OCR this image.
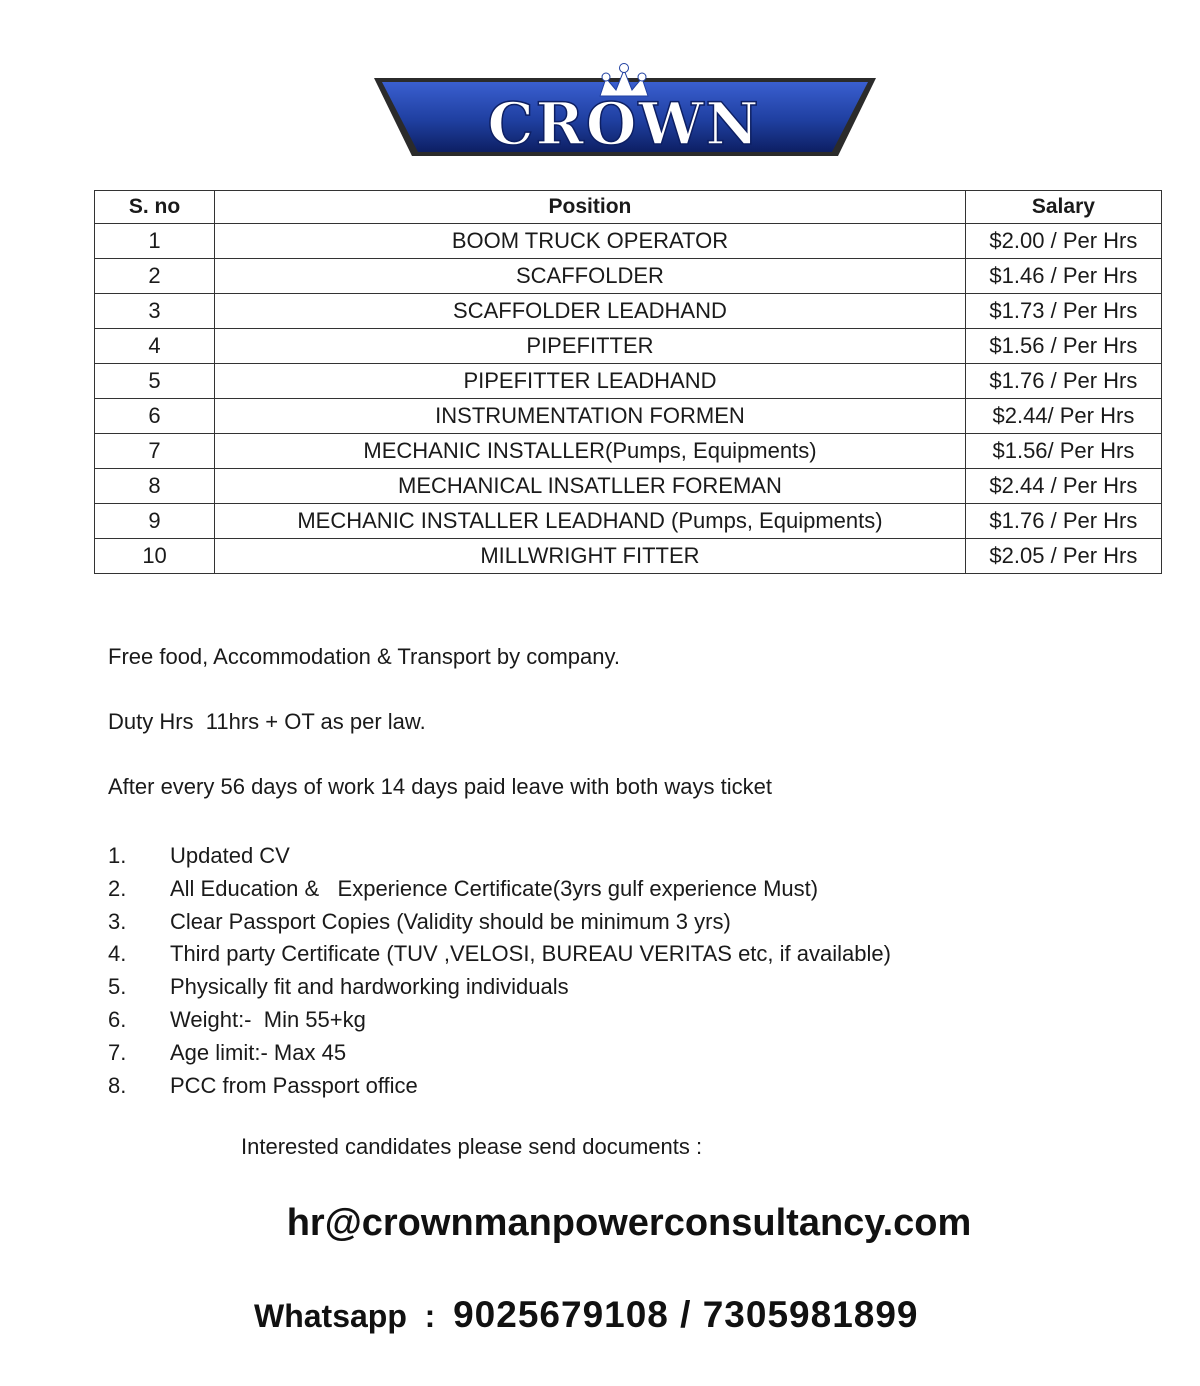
CROWN
S. no	Position	Salary
1	BOOM TRUCK OPERATOR	$2.00 / Per Hrs
2	SCAFFOLDER	$1.46 / Per Hrs
3	SCAFFOLDER LEADHAND	$1.73 / Per Hrs
4	PIPEFITTER	$1.56 / Per Hrs
5	PIPEFITTER LEADHAND	$1.76 / Per Hrs
6	INSTRUMENTATION FORMEN	$2.44/ Per Hrs
7	MECHANIC INSTALLER(Pumps, Equipments)	$1.56/ Per Hrs
8	MECHANICAL INSATLLER FOREMAN	$2.44 / Per Hrs
9	MECHANIC INSTALLER LEADHAND (Pumps, Equipments)	$1.76 / Per Hrs
10	MILLWRIGHT FITTER	$2.05 / Per Hrs
Free food, Accommodation & Transport by company.
Duty Hrs  11hrs + OT as per law.
After every 56 days of work 14 days paid leave with both ways ticket
1. Updated CV
2. All Education &   Experience Certificate(3yrs gulf experience Must)
3. Clear Passport Copies (Validity should be minimum 3 yrs)
4. Third party Certificate (TUV ,VELOSI, BUREAU VERITAS etc, if available)
5. Physically fit and hardworking individuals
6. Weight:-  Min 55+kg
7. Age limit:- Max 45
8. PCC from Passport office
Interested candidates please send documents :
hr@crownmanpowerconsultancy.com
Whatsapp  :  9025679108 / 7305981899
